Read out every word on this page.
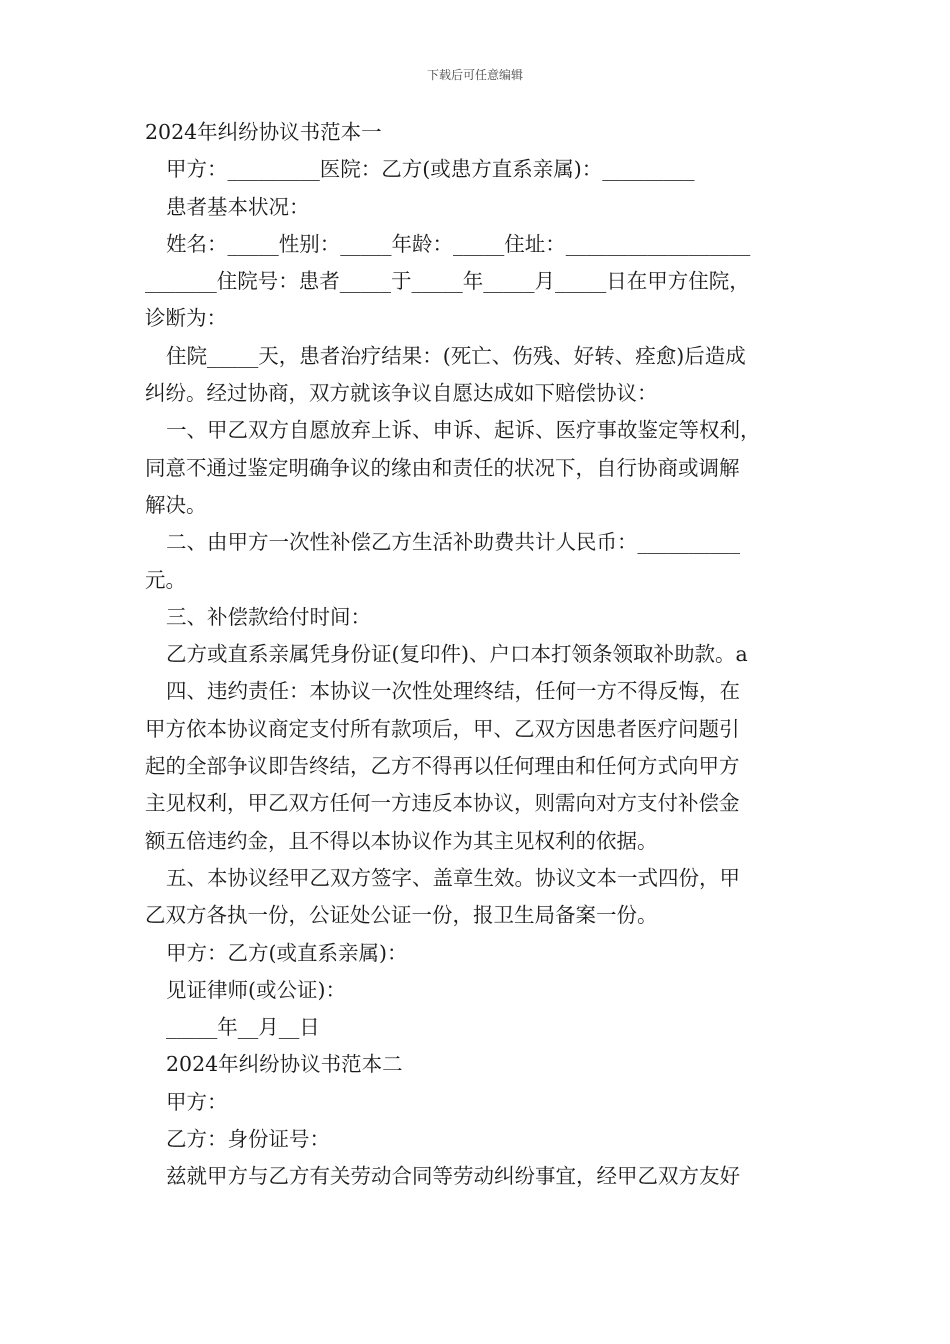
下载后可任意编辑
2024年纠纷协议书范本一
甲方：_________医院：乙方(或患方直系亲属)：_________
患者基本状况：
姓名：_____性别：_____年龄：_____住址：__________________
_______住院号：患者_____于_____年_____月_____日在甲方住院，
诊断为：
住院_____天，患者治疗结果：(死亡、伤残、好转、痊愈)后造成
纠纷。经过协商，双方就该争议自愿达成如下赔偿协议：
一、甲乙双方自愿放弃上诉、申诉、起诉、医疗事故鉴定等权利，
同意不通过鉴定明确争议的缘由和责任的状况下，自行协商或调解
解决。
二、由甲方一次性补偿乙方生活补助费共计人民币：__________
元。
三、补偿款给付时间：
乙方或直系亲属凭身份证(复印件)、户口本打领条领取补助款。a
四、违约责任：本协议一次性处理终结，任何一方不得反悔，在
甲方依本协议商定支付所有款项后，甲、乙双方因患者医疗问题引
起的全部争议即告终结，乙方不得再以任何理由和任何方式向甲方
主见权利，甲乙双方任何一方违反本协议，则需向对方支付补偿金
额五倍违约金，且不得以本协议作为其主见权利的依据。
五、本协议经甲乙双方签字、盖章生效。协议文本一式四份，甲
乙双方各执一份，公证处公证一份，报卫生局备案一份。
甲方：乙方(或直系亲属)：
见证律师(或公证)：
_____年__月__日
2024年纠纷协议书范本二
甲方：
乙方：身份证号：
兹就甲方与乙方有关劳动合同等劳动纠纷事宜，经甲乙双方友好
